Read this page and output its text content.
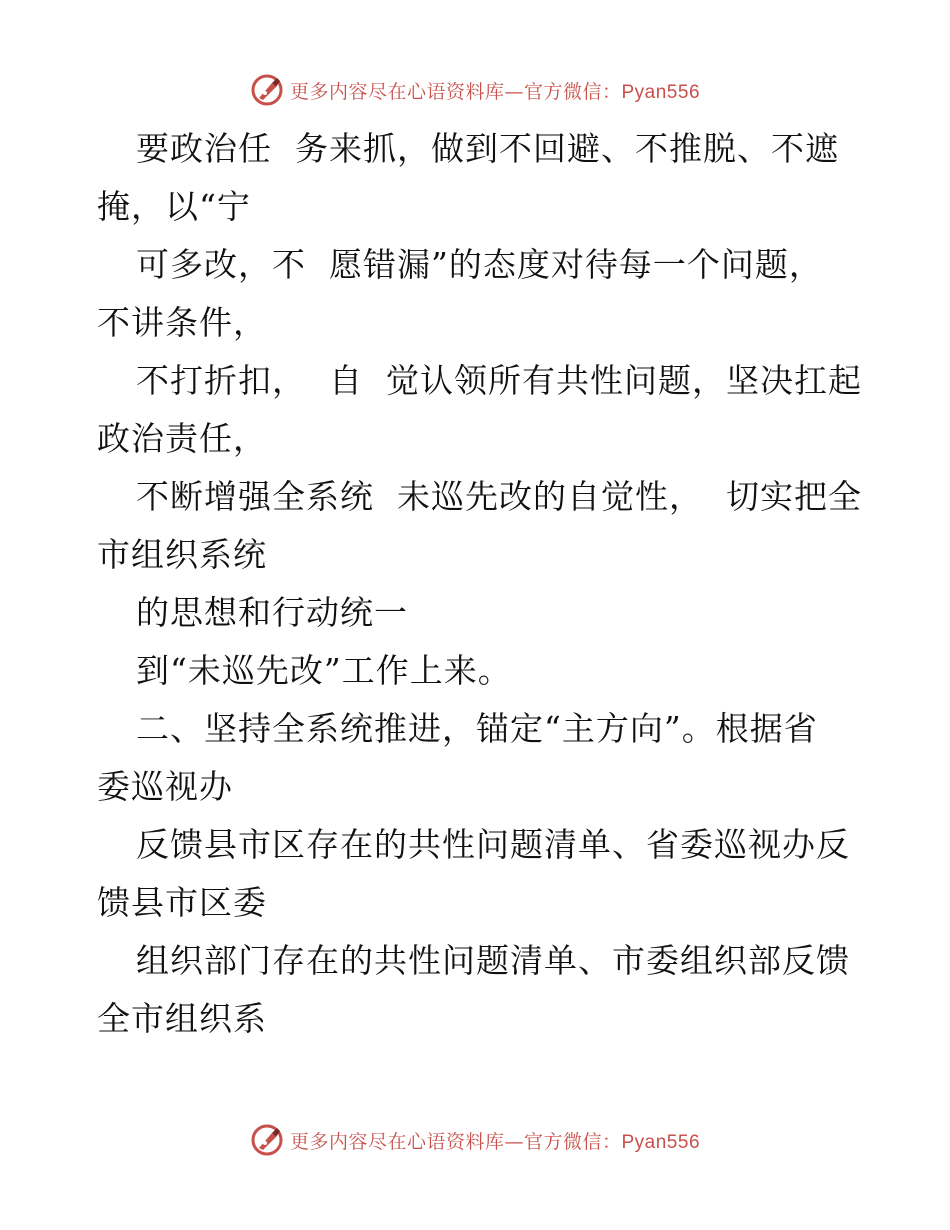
更多内容尽在心语资料库—官方微信：Pyan556
要政治任  务来抓，做到不回避、不推脱、不遮
掩，以“宁
可多改，不  愿错漏”的态度对待每一个问题，
不讲条件，
不打折扣，  自  觉认领所有共性问题，坚决扛起
政治责任，
不断增强全系统  未巡先改的自觉性，  切实把全
市组织系统
的思想和行动统一
到“未巡先改”工作上来。
二、坚持全系统推进，锚定“主方向”。根据省
委巡视办
反馈县市区存在的共性问题清单、省委巡视办反
馈县市区委
组织部门存在的共性问题清单、市委组织部反馈
全市组织系
更多内容尽在心语资料库—官方微信：Pyan556
